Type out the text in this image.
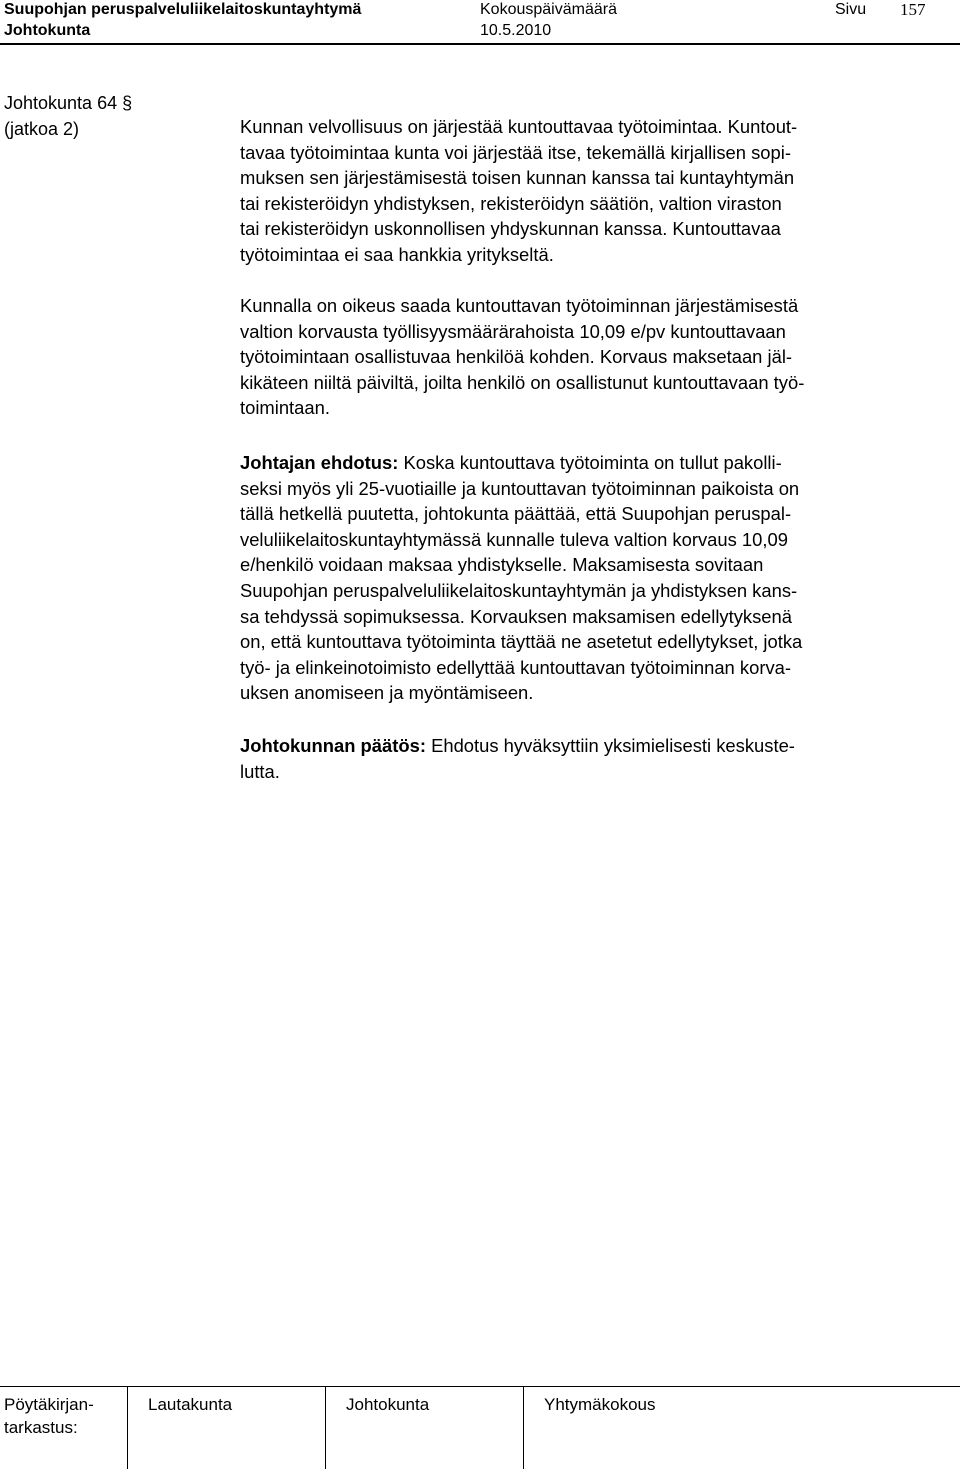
Suupohjan peruspalveluliikelaitoskuntayhtymä	Kokouspäivämäärä	Sivu 157
Johtokunta	10.5.2010
Johtokunta 64 §
(jatkoa 2)	Kunnan velvollisuus on järjestää kuntouttavaa työtoimintaa. Kuntout-
tavaa työtoimintaa kunta voi järjestää itse, tekemällä kirjallisen sopi-
muksen sen järjestämisestä toisen kunnan kanssa tai kuntayhtymän
tai rekisteröidyn yhdistyksen, rekisteröidyn säätiön, valtion viraston
tai rekisteröidyn uskonnollisen yhdyskunnan kanssa. Kuntouttavaa
työtoimintaa ei saa hankkia yritykseltä.
Kunnalla on oikeus saada kuntouttavan työtoiminnan järjestämisestä
valtion korvausta työllisyysmäärärahoista 10,09 e/pv kuntouttavaan
työtoimintaan osallistuvaa henkilöä kohden. Korvaus maksetaan jäl-
kikäteen niiltä päiviltä, joilta henkilö on osallistunut kuntouttavaan työ-
toimintaan.
Johtajan ehdotus: Koska kuntouttava työtoiminta on tullut pakolli-
seksi myös yli 25-vuotiaille ja kuntouttavan työtoiminnan paikoista on
tällä hetkellä puutetta, johtokunta päättää, että Suupohjan peruspal-
veluliikelaitoskuntayhtymässä kunnalle tuleva valtion korvaus 10,09
e/henkilö voidaan maksaa yhdistykselle. Maksamisesta sovitaan
Suupohjan peruspalveluliikelaitoskuntayhtymän ja yhdistyksen kans-
sa tehdyssä sopimuksessa. Korvauksen maksamisen edellytyksenä
on, että kuntouttava työtoiminta täyttää ne asetetut edellytykset, jotka
työ- ja elinkeinotoimisto edellyttää kuntouttavan työtoiminnan korva-
uksen anomiseen ja myöntämiseen.
Johtokunnan päätös: Ehdotus hyväksyttiin yksimielisesti keskuste-
lutta.
Pöytäkirjan-
tarkastus:
Lautakunta	Johtokunta	Yhtymäkokous
